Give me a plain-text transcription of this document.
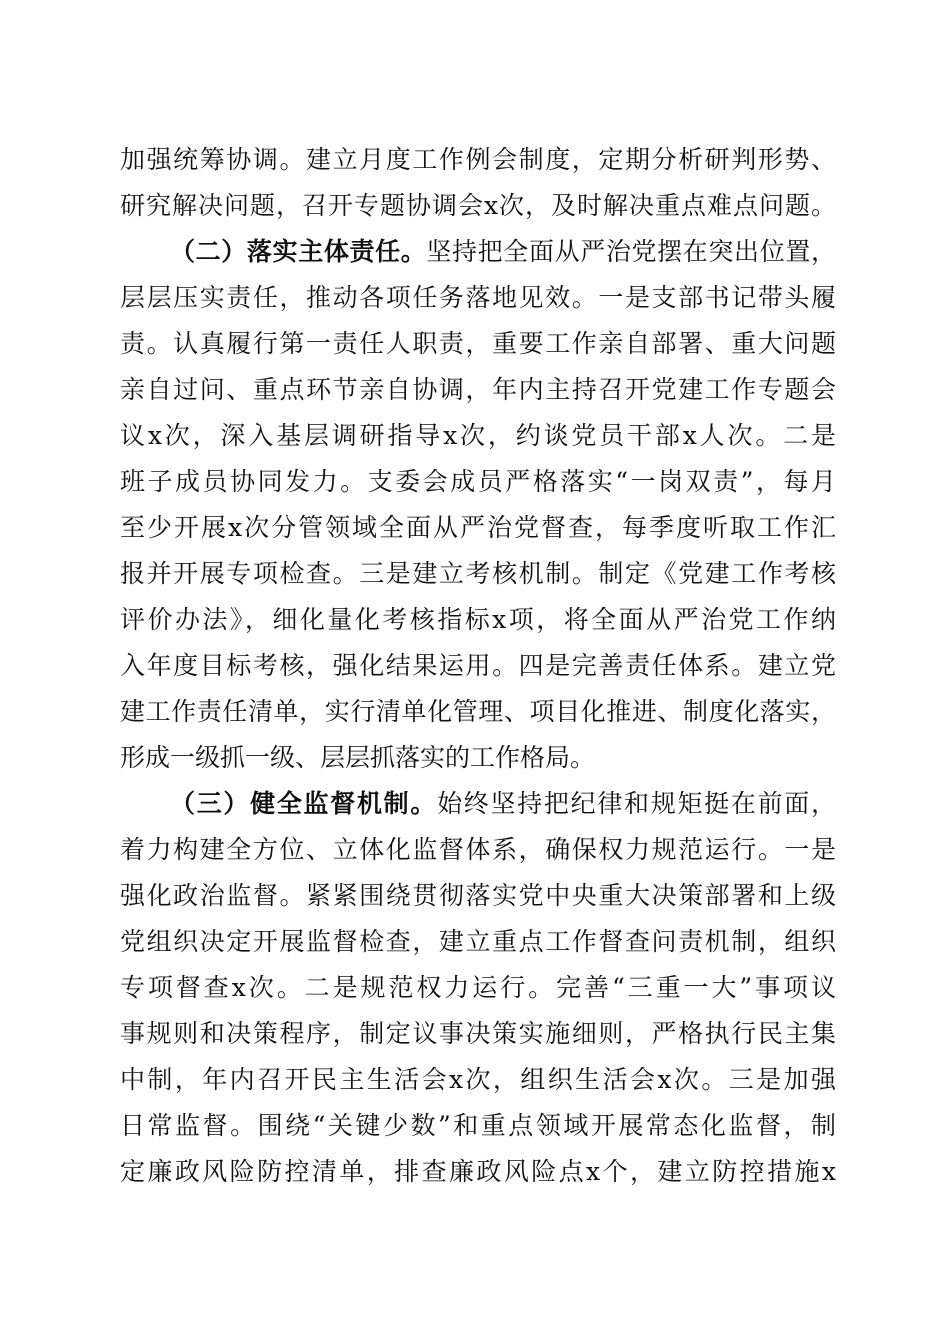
加强统筹协调。建立月度工作例会制度，定期分析研判形势、
研究解决问题，召开专题协调会x次，及时解决重点难点问题。
（二）落实主体责任。坚持把全面从严治党摆在突出位置，
层层压实责任，推动各项任务落地见效。一是支部书记带头履
责。认真履行第一责任人职责，重要工作亲自部署、重大问题
亲自过问、重点环节亲自协调，年内主持召开党建工作专题会
议x次，深入基层调研指导x次，约谈党员干部x人次。二是
班子成员协同发力。支委会成员严格落实“一岗双责”，每月
至少开展x次分管领域全面从严治党督查，每季度听取工作汇
报并开展专项检查。三是建立考核机制。制定《党建工作考核
评价办法》，细化量化考核指标x项，将全面从严治党工作纳
入年度目标考核，强化结果运用。四是完善责任体系。建立党
建工作责任清单，实行清单化管理、项目化推进、制度化落实，
形成一级抓一级、层层抓落实的工作格局。
（三）健全监督机制。始终坚持把纪律和规矩挺在前面，
着力构建全方位、立体化监督体系，确保权力规范运行。一是
强化政治监督。紧紧围绕贯彻落实党中央重大决策部署和上级
党组织决定开展监督检查，建立重点工作督查问责机制，组织
专项督查x次。二是规范权力运行。完善“三重一大”事项议
事规则和决策程序，制定议事决策实施细则，严格执行民主集
中制，年内召开民主生活会x次，组织生活会x次。三是加强
日常监督。围绕“关键少数”和重点领域开展常态化监督，制
定廉政风险防控清单，排查廉政风险点x个，建立防控措施x
